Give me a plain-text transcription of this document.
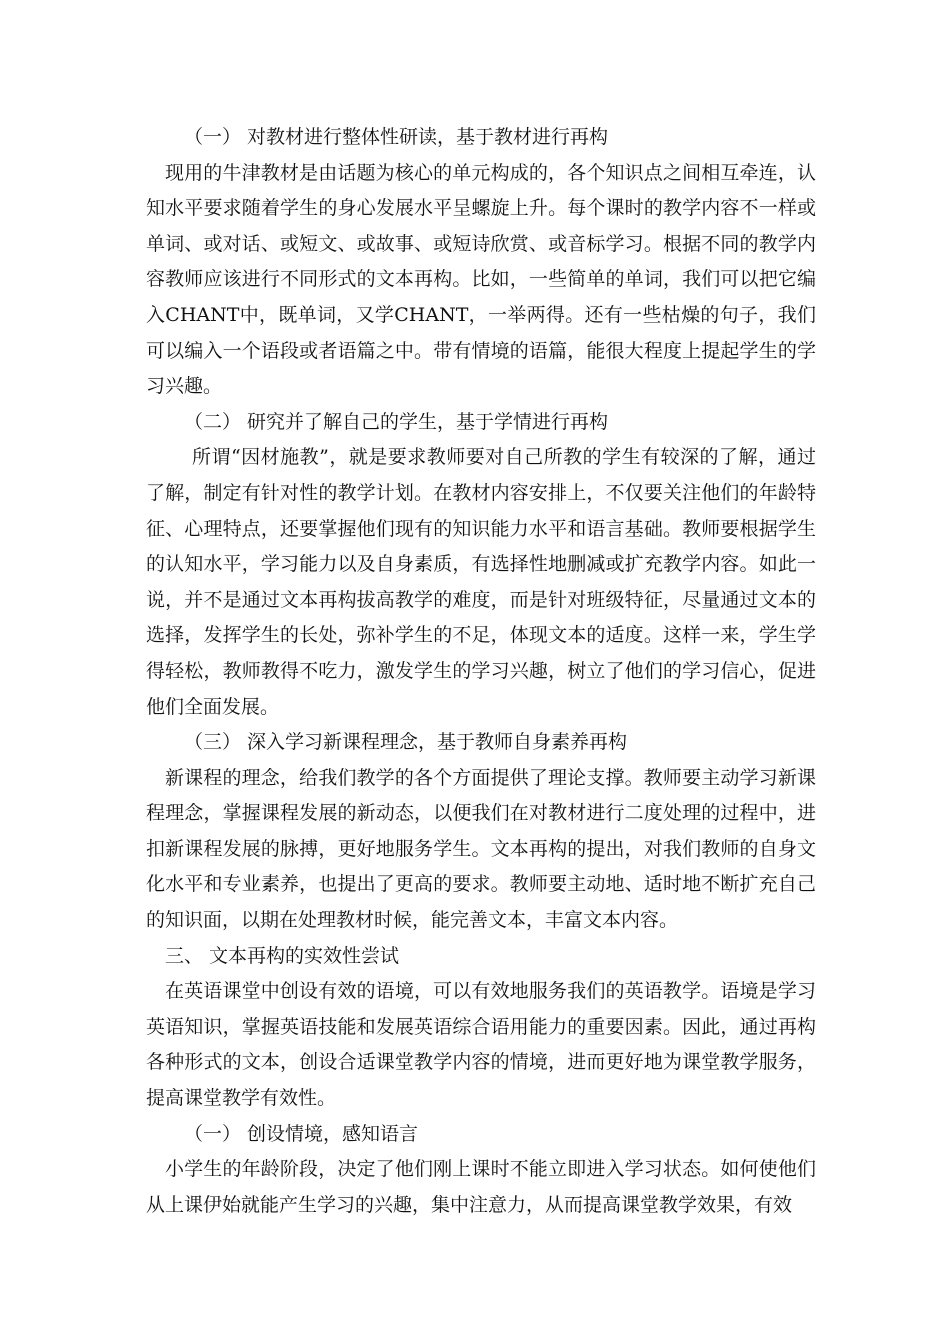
（一） 对教材进行整体性研读，基于教材进行再构

现用的牛津教材是由话题为核心的单元构成的，各个知识点之间相互牵连，认知水平要求随着学生的身心发展水平呈螺旋上升。每个课时的教学内容不一样或单词、或对话、或短文、或故事、或短诗欣赏、或音标学习。根据不同的教学内容教师应该进行不同形式的文本再构。比如，一些简单的单词，我们可以把它编入CHANT中，既单词，又学CHANT，一举两得。还有一些枯燥的句子，我们可以编入一个语段或者语篇之中。带有情境的语篇，能很大程度上提起学生的学习兴趣。

（二） 研究并了解自己的学生，基于学情进行再构

所谓“因材施教”，就是要求教师要对自己所教的学生有较深的了解，通过了解，制定有针对性的教学计划。在教材内容安排上，不仅要关注他们的年龄特征、心理特点，还要掌握他们现有的知识能力水平和语言基础。教师要根据学生的认知水平，学习能力以及自身素质，有选择性地删减或扩充教学内容。如此一说，并不是通过文本再构拔高教学的难度，而是针对班级特征，尽量通过文本的选择，发挥学生的长处，弥补学生的不足，体现文本的适度。这样一来，学生学得轻松，教师教得不吃力，激发学生的学习兴趣，树立了他们的学习信心，促进他们全面发展。

（三） 深入学习新课程理念，基于教师自身素养再构

新课程的理念，给我们教学的各个方面提供了理论支撑。教师要主动学习新课程理念，掌握课程发展的新动态，以便我们在对教材进行二度处理的过程中，进扣新课程发展的脉搏，更好地服务学生。文本再构的提出，对我们教师的自身文化水平和专业素养，也提出了更高的要求。教师要主动地、适时地不断扩充自己的知识面，以期在处理教材时候，能完善文本，丰富文本内容。

三、 文本再构的实效性尝试

在英语课堂中创设有效的语境，可以有效地服务我们的英语教学。语境是学习英语知识，掌握英语技能和发展英语综合语用能力的重要因素。因此，通过再构各种形式的文本，创设合适课堂教学内容的情境，进而更好地为课堂教学服务，提高课堂教学有效性。

（一） 创设情境，感知语言

小学生的年龄阶段，决定了他们刚上课时不能立即进入学习状态。如何使他们从上课伊始就能产生学习的兴趣，集中注意力，从而提高课堂教学效果，有效
